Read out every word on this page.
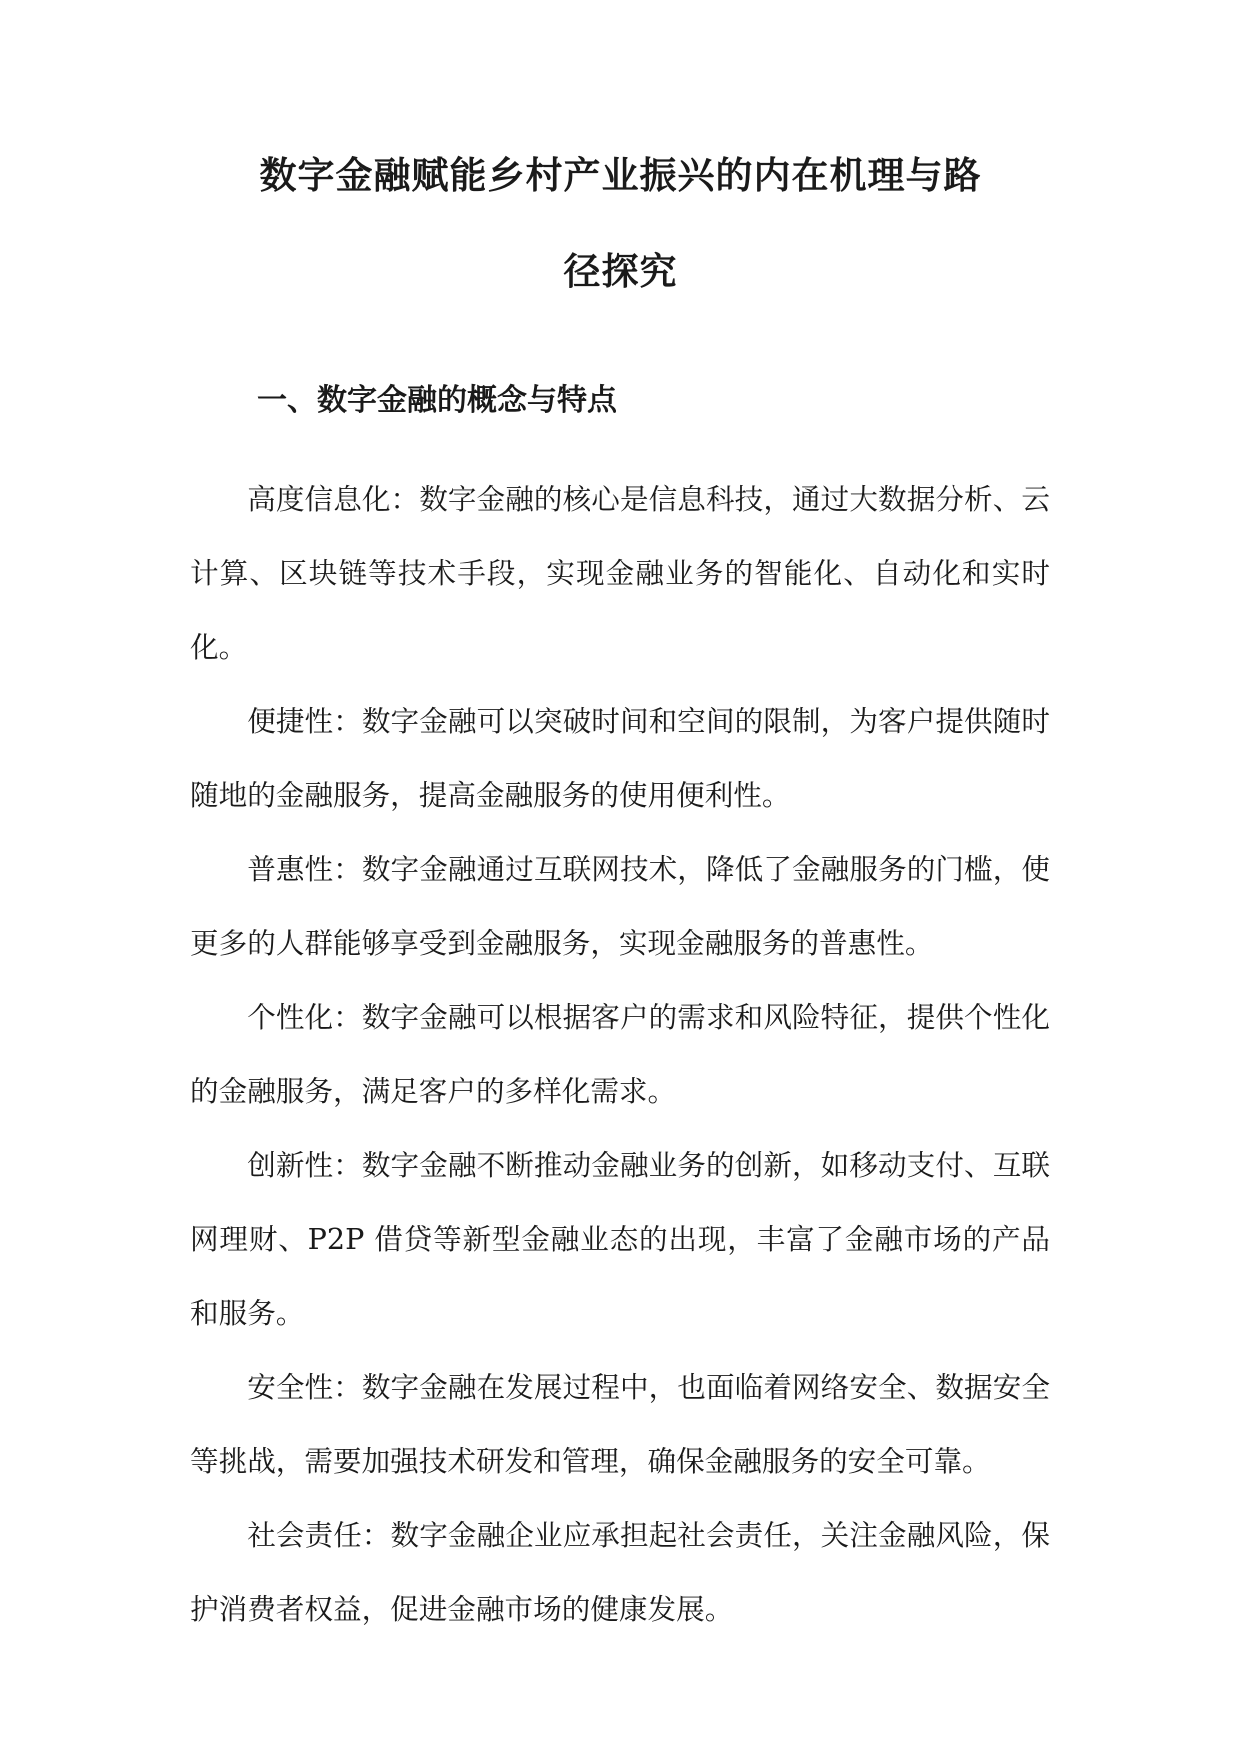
数字金融赋能乡村产业振兴的内在机理与路
径探究
一、数字金融的概念与特点

高度信息化：数字金融的核心是信息科技，通过大数据分析、云计算、区块链等技术手段，实现金融业务的智能化、自动化和实时化。

便捷性：数字金融可以突破时间和空间的限制，为客户提供随时随地的金融服务，提高金融服务的使用便利性。

普惠性：数字金融通过互联网技术，降低了金融服务的门槛，使更多的人群能够享受到金融服务，实现金融服务的普惠性。

个性化：数字金融可以根据客户的需求和风险特征，提供个性化的金融服务，满足客户的多样化需求。

创新性：数字金融不断推动金融业务的创新，如移动支付、互联网理财、P2P 借贷等新型金融业态的出现，丰富了金融市场的产品和服务。

安全性：数字金融在发展过程中，也面临着网络安全、数据安全等挑战，需要加强技术研发和管理，确保金融服务的安全可靠。

社会责任：数字金融企业应承担起社会责任，关注金融风险，保护消费者权益，促进金融市场的健康发展。
